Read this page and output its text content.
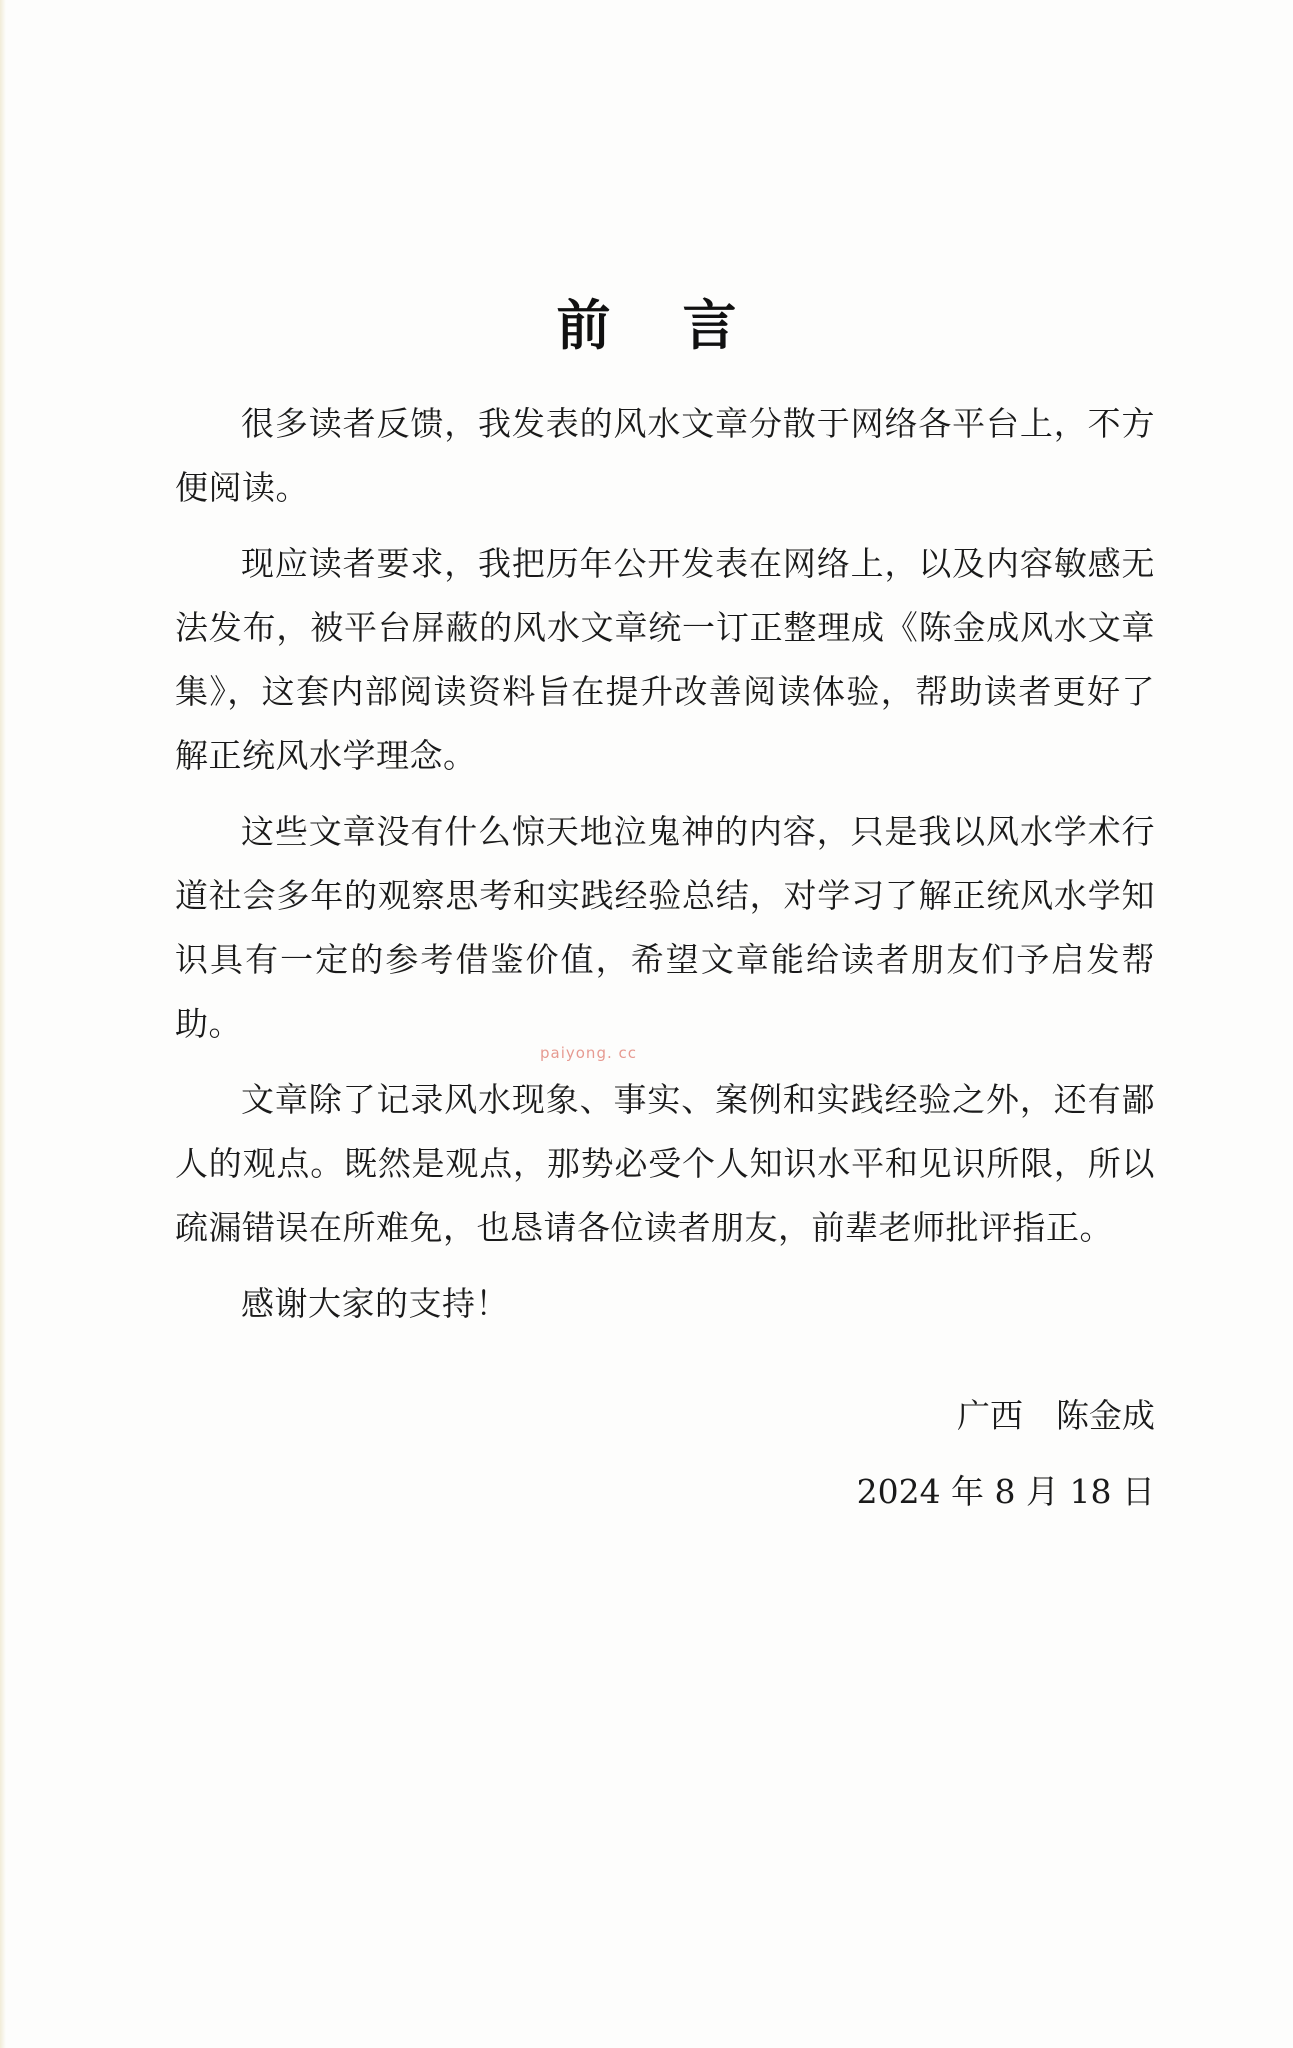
前言

很多读者反馈，我发表的风水文章分散于网络各平台上，不方便阅读。

现应读者要求，我把历年公开发表在网络上，以及内容敏感无法发布，被平台屏蔽的风水文章统一订正整理成《陈金成风水文章集》，这套内部阅读资料旨在提升改善阅读体验，帮助读者更好了解正统风水学理念。

这些文章没有什么惊天地泣鬼神的内容，只是我以风水学术行道社会多年的观察思考和实践经验总结，对学习了解正统风水学知识具有一定的参考借鉴价值，希望文章能给读者朋友们予启发帮助。

文章除了记录风水现象、事实、案例和实践经验之外，还有鄙人的观点。既然是观点，那势必受个人知识水平和见识所限，所以疏漏错误在所难免，也恳请各位读者朋友，前辈老师批评指正。

感谢大家的支持！

paiyong. cc
广西　陈金成
2024 年 8 月 18 日
